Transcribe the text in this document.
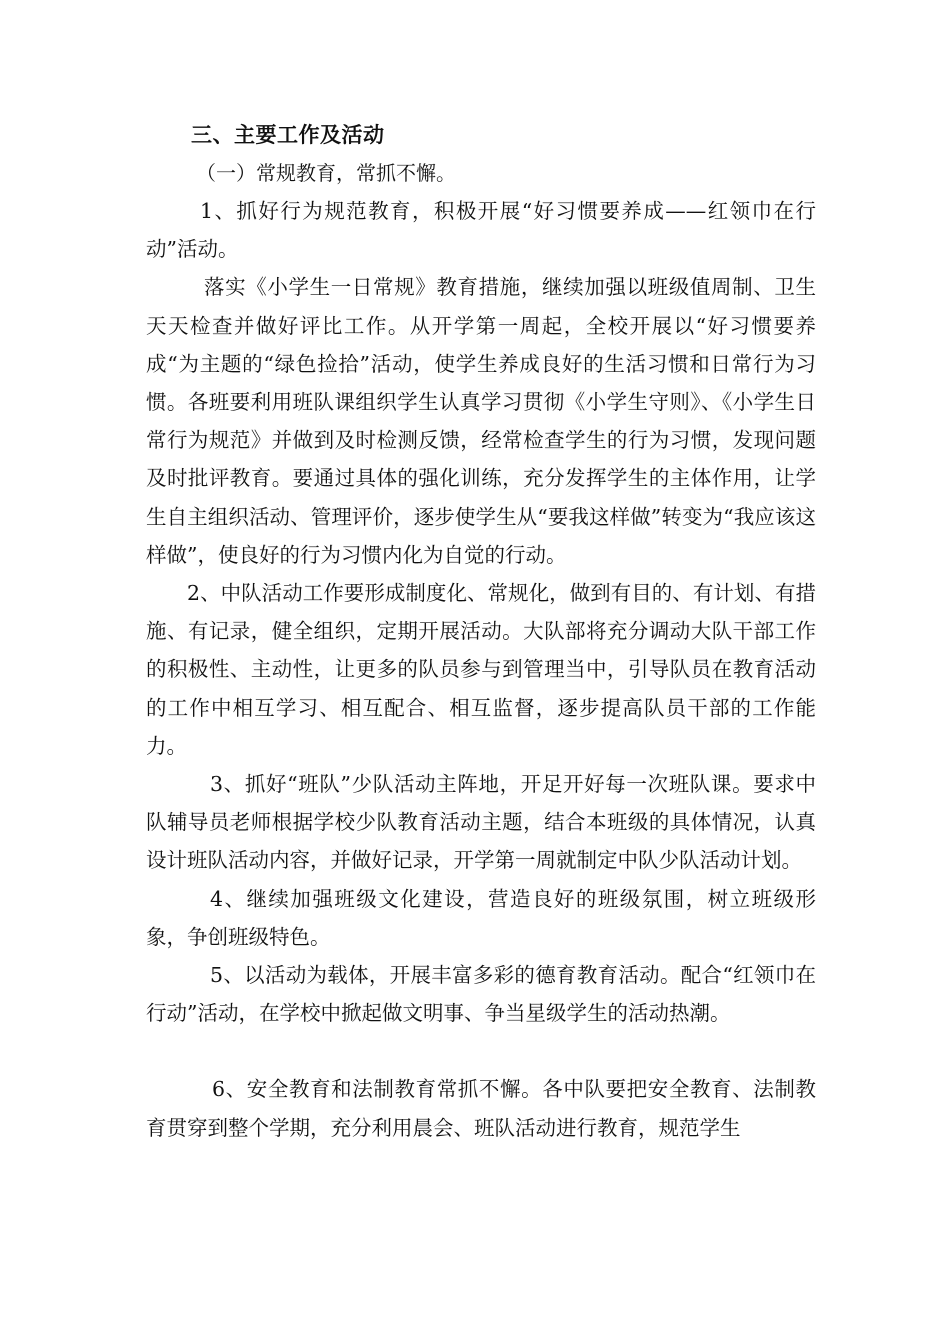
三、主要工作及活动

（一）常规教育，常抓不懈。

1、抓好行为规范教育，积极开展“好习惯要养成——红领巾在行动”活动。

落实《小学生一日常规》教育措施，继续加强以班级值周制、卫生天天检查并做好评比工作。从开学第一周起，全校开展以“好习惯要养成“为主题的“绿色捡拾”活动，使学生养成良好的生活习惯和日常行为习惯。各班要利用班队课组织学生认真学习贯彻《小学生守则》、《小学生日常行为规范》并做到及时检测反馈，经常检查学生的行为习惯，发现问题及时批评教育。要通过具体的强化训练，充分发挥学生的主体作用，让学生自主组织活动、管理评价，逐步使学生从“要我这样做”转变为“我应该这样做”，使良好的行为习惯内化为自觉的行动。

2、中队活动工作要形成制度化、常规化，做到有目的、有计划、有措施、有记录，健全组织，定期开展活动。大队部将充分调动大队干部工作的积极性、主动性，让更多的队员参与到管理当中，引导队员在教育活动的工作中相互学习、相互配合、相互监督，逐步提高队员干部的工作能力。

3、抓好“班队”少队活动主阵地，开足开好每一次班队课。要求中队辅导员老师根据学校少队教育活动主题，结合本班级的具体情况，认真设计班队活动内容，并做好记录，开学第一周就制定中队少队活动计划。

4、继续加强班级文化建设，营造良好的班级氛围，树立班级形象，争创班级特色。

5、以活动为载体，开展丰富多彩的德育教育活动。配合“红领巾在行动”活动，在学校中掀起做文明事、争当星级学生的活动热潮。

6、安全教育和法制教育常抓不懈。各中队要把安全教育、法制教育贯穿到整个学期，充分利用晨会、班队活动进行教育，规范学生
